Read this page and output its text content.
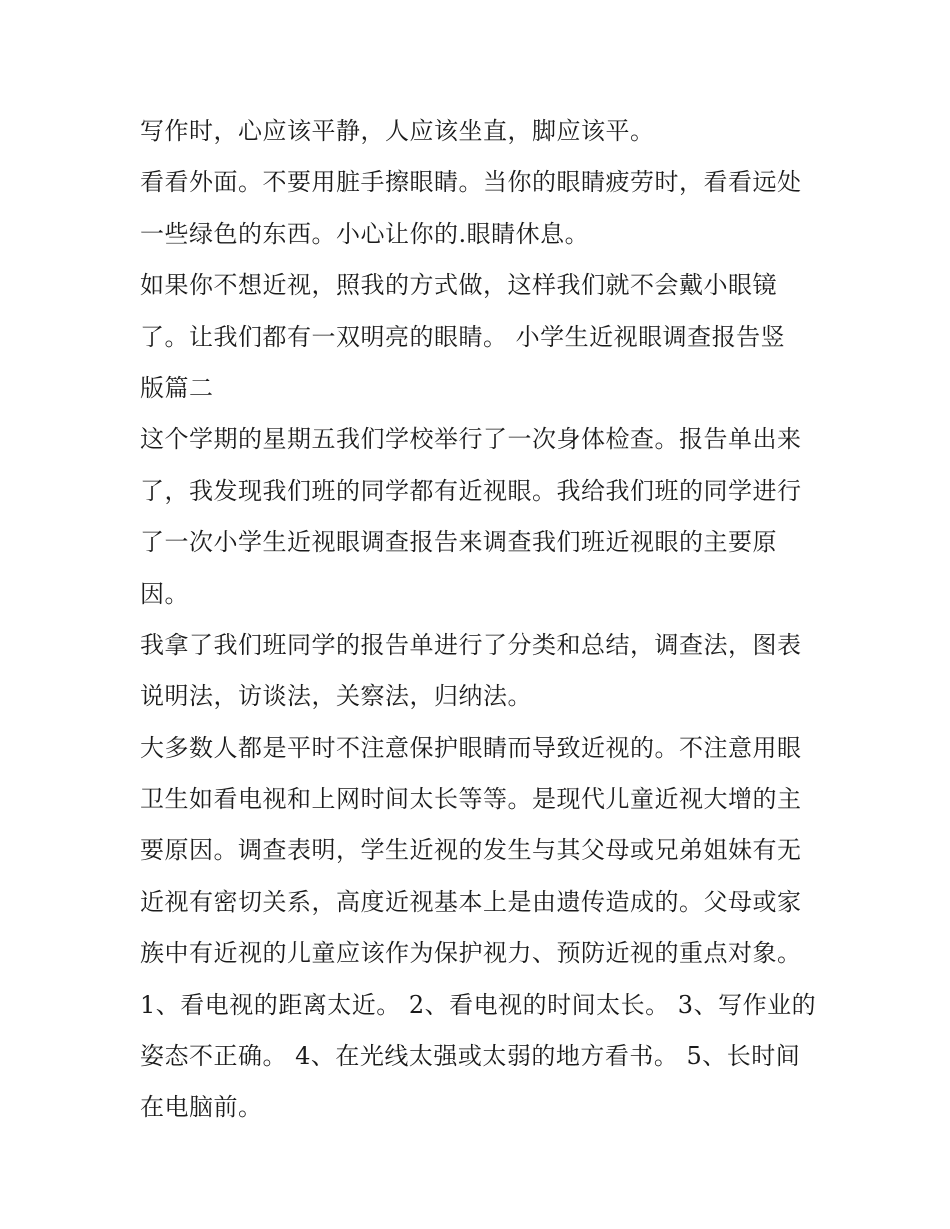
写作时，心应该平静，人应该坐直，脚应该平。
看看外面。不要用脏手擦眼睛。当你的眼睛疲劳时，看看远处
一些绿色的东西。小心让你的.眼睛休息。
如果你不想近视，照我的方式做，这样我们就不会戴小眼镜
了。让我们都有一双明亮的眼睛。 小学生近视眼调查报告竖
版篇二
这个学期的星期五我们学校举行了一次身体检查。报告单出来
了，我发现我们班的同学都有近视眼。我给我们班的同学进行
了一次小学生近视眼调查报告来调查我们班近视眼的主要原
因。
我拿了我们班同学的报告单进行了分类和总结，调查法，图表
说明法，访谈法，关察法，归纳法。
大多数人都是平时不注意保护眼睛而导致近视的。不注意用眼
卫生如看电视和上网时间太长等等。是现代儿童近视大增的主
要原因。调查表明，学生近视的发生与其父母或兄弟姐妹有无
近视有密切关系，高度近视基本上是由遗传造成的。父母或家
族中有近视的儿童应该作为保护视力、预防近视的重点对象。
1、看电视的距离太近。 2、看电视的时间太长。 3、写作业的
姿态不正确。 4、在光线太强或太弱的地方看书。 5、长时间
在电脑前。
